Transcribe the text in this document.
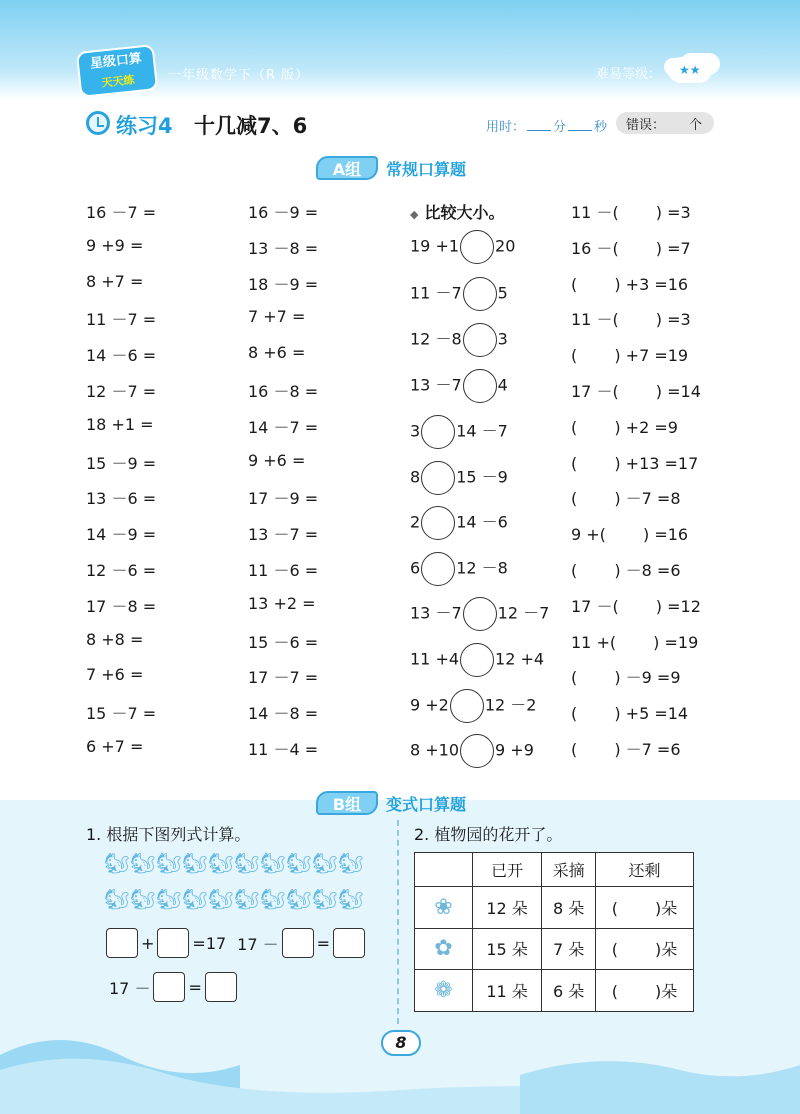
星级口算
天天练	一年级数学下（R 版）	难易等级： ★★
练习4 十几减7、6	用时： 分 秒	错误： 个
A组	常规口算题
16 －7 =
9 +9 =
8 +7 =
11 －7 =
14 －6 =
12 －7 =
18 +1 =
15 －9 =
13 －6 =
14 －9 =
12 －6 =
17 －8 =
8 +8 =
7 +6 =
15 －7 =
6 +7 =
16 －9 =
13 －8 =
18 －9 =
7 +7 =
8 +6 =
16 －8 =
14 －7 =
9 +6 =
17 －9 =
13 －7 =
11 －6 =
13 +2 =
15 －6 =
17 －7 =
14 －8 =
11 －4 =
◆ 比较大小。
19 +1 20
11 －7 5
12 －8 3
13 －7 4
3 14 －7
8 15 －9
2 14 －6
6 12 －8
13 －7 12 －7
11 +4 12 +4
9 +2 12 －2
8 +10 9 +9
11 －(　　 ) =3
16 －(　　 ) =7
(　　 ) +3 =16
11 －(　　 ) =3
(　　 ) +7 =19
17 －(　　 ) =14
(　　 ) +2 =9
(　　 ) +13 =17
(　　 ) －7 =8
9 +(　　 ) =16
(　　 ) －8 =6
17 －(　　 ) =12
11 +(　　 ) =19
(　　 ) －9 =9
(　　 ) +5 =14
(　　 ) －7 =6
B组	变式口算题
1. 根据下图列式计算。
🐿 🐿 🐿 🐿 🐿 🐿 🐿 🐿 🐿 🐿
🐿 🐿 🐿 🐿 🐿 🐿 🐿 🐿 🐿 🐿
+ =17 17 － =
17 － =
2. 植物园的花开了。
	已开	采摘	还剩
❀	12 朵	8 朵	(　　 )朵
✿	15 朵	7 朵	(　　 )朵
❁	11 朵	6 朵	(　　 )朵
8
